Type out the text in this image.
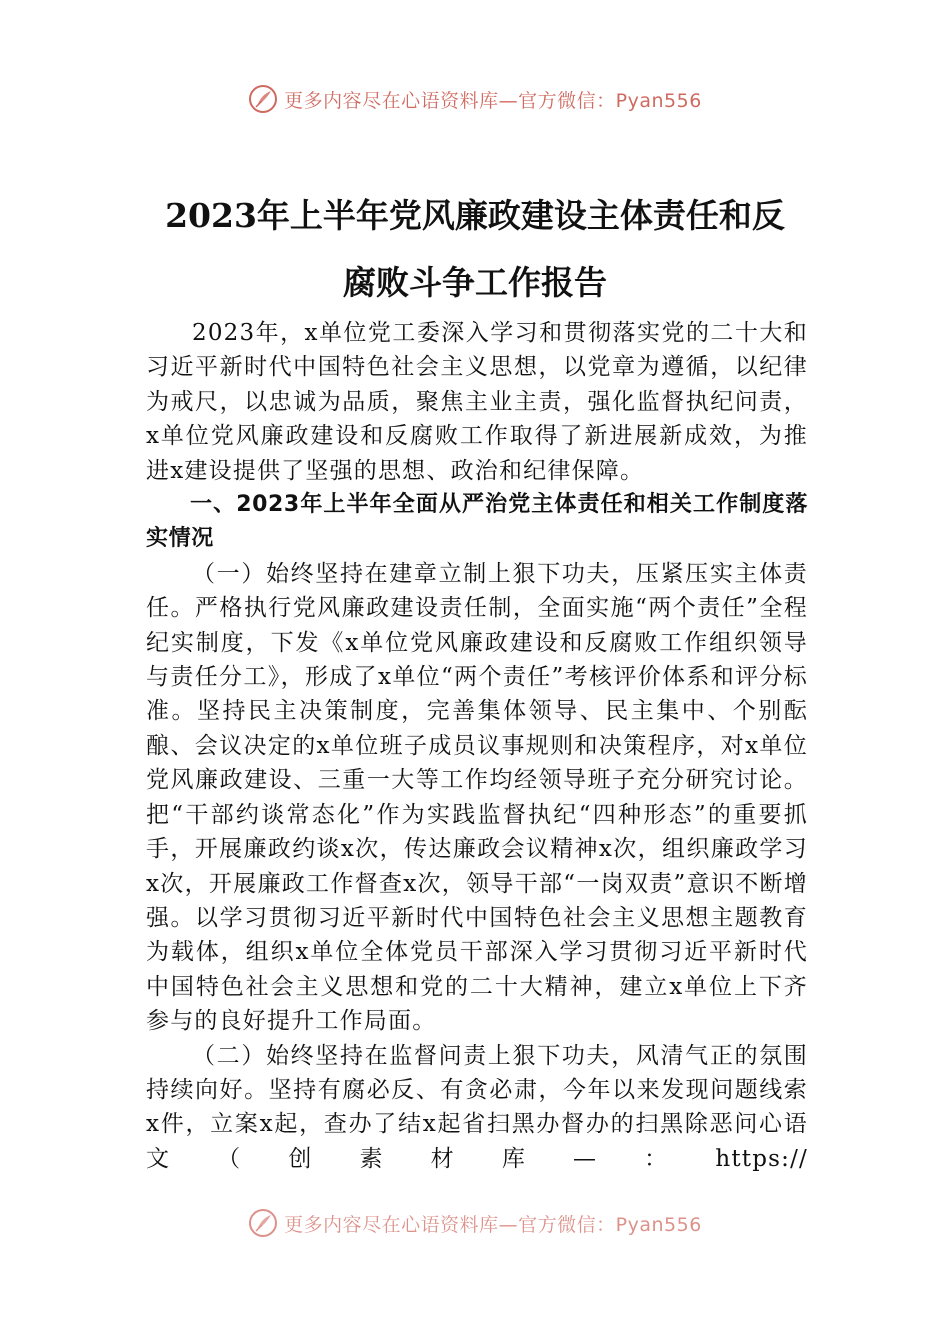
更多内容尽在心语资料库—官方微信：Pyan556
2023年上半年党风廉政建设主体责任和反
腐败斗争工作报告

2023年，x单位党工委深入学习和贯彻落实党的二十大和习近平新时代中国特色社会主义思想，以党章为遵循，以纪律为戒尺，以忠诚为品质，聚焦主业主责，强化监督执纪问责，x单位党风廉政建设和反腐败工作取得了新进展新成效，为推进x建设提供了坚强的思想、政治和纪律保障。

一、2023年上半年全面从严治党主体责任和相关工作制度落实情况

（一）始终坚持在建章立制上狠下功夫，压紧压实主体责任。严格执行党风廉政建设责任制，全面实施“两个责任”全程纪实制度，下发《x单位党风廉政建设和反腐败工作组织领导与责任分工》，形成了x单位“两个责任”考核评价体系和评分标准。坚持民主决策制度，完善集体领导、民主集中、个别酝酿、会议决定的x单位班子成员议事规则和决策程序，对x单位党风廉政建设、三重一大等工作均经领导班子充分研究讨论。把“干部约谈常态化”作为实践监督执纪“四种形态”的重要抓手，开展廉政约谈x次，传达廉政会议精神x次，组织廉政学习x次，开展廉政工作督查x次，领导干部“一岗双责”意识不断增强。以学习贯彻习近平新时代中国特色社会主义思想主题教育为载体，组织x单位全体党员干部深入学习贯彻习近平新时代中国特色社会主义思想和党的二十大精神，建立x单位上下齐参与的良好提升工作局面。

（二）始终坚持在监督问责上狠下功夫，风清气正的氛围持续向好。坚持有腐必反、有贪必肃，今年以来发现问题线索x件，立案x起，查办了结x起省扫黑办督办的扫黑除恶问心语文（创素材库—：https://

更多内容尽在心语资料库—官方微信：Pyan556
